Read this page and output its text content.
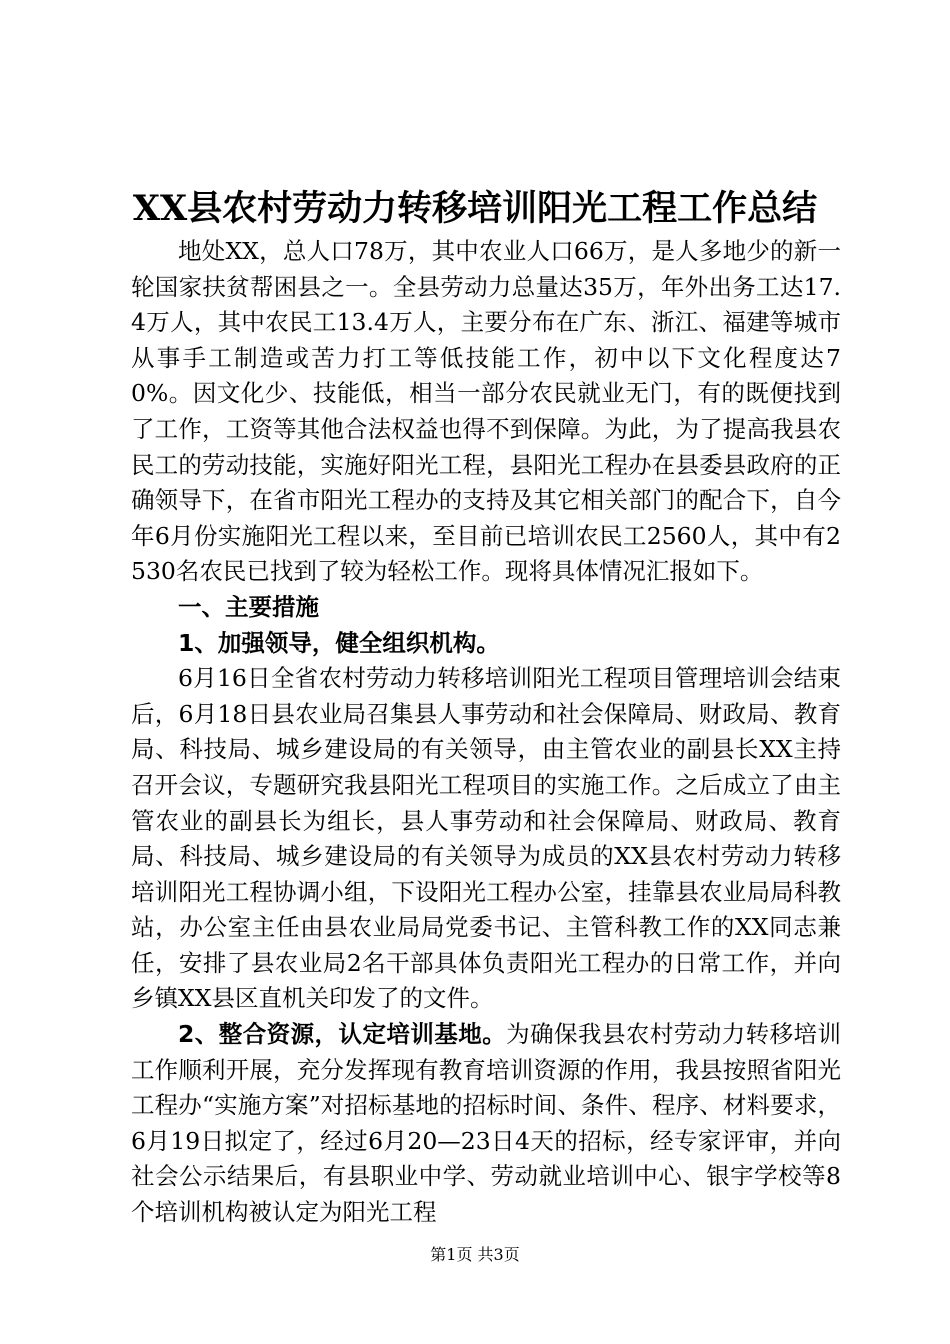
XX县农村劳动力转移培训阳光工程工作总结

地处XX，总人口78万，其中农业人口66万，是人多地少的新一轮国家扶贫帮困县之一。全县劳动力总量达35万，年外出务工达17.4万人，其中农民工13.4万人，主要分布在广东、浙江、福建等城市从事手工制造或苦力打工等低技能工作，初中以下文化程度达70%。因文化少、技能低，相当一部分农民就业无门，有的既便找到了工作，工资等其他合法权益也得不到保障。为此，为了提高我县农民工的劳动技能，实施好阳光工程，县阳光工程办在县委县政府的正确领导下，在省市阳光工程办的支持及其它相关部门的配合下，自今年6月份实施阳光工程以来，至目前已培训农民工2560人，其中有2530名农民已找到了较为轻松工作。现将具体情况汇报如下。

一、主要措施

1、加强领导，健全组织机构。

6月16日全省农村劳动力转移培训阳光工程项目管理培训会结束后，6月18日县农业局召集县人事劳动和社会保障局、财政局、教育局、科技局、城乡建设局的有关领导，由主管农业的副县长XX主持召开会议，专题研究我县阳光工程项目的实施工作。之后成立了由主管农业的副县长为组长，县人事劳动和社会保障局、财政局、教育局、科技局、城乡建设局的有关领导为成员的XX县农村劳动力转移培训阳光工程协调小组，下设阳光工程办公室，挂靠县农业局局科教站，办公室主任由县农业局局党委书记、主管科教工作的XX同志兼任，安排了县农业局2名干部具体负责阳光工程办的日常工作，并向乡镇XX县区直机关印发了的文件。

2、整合资源，认定培训基地。为确保我县农村劳动力转移培训工作顺利开展，充分发挥现有教育培训资源的作用，我县按照省阳光工程办“实施方案”对招标基地的招标时间、条件、程序、材料要求，6月19日拟定了，经过6月20—23日4天的招标，经专家评审，并向社会公示结果后，有县职业中学、劳动就业培训中心、银宇学校等8个培训机构被认定为阳光工程

第1页 共3页
